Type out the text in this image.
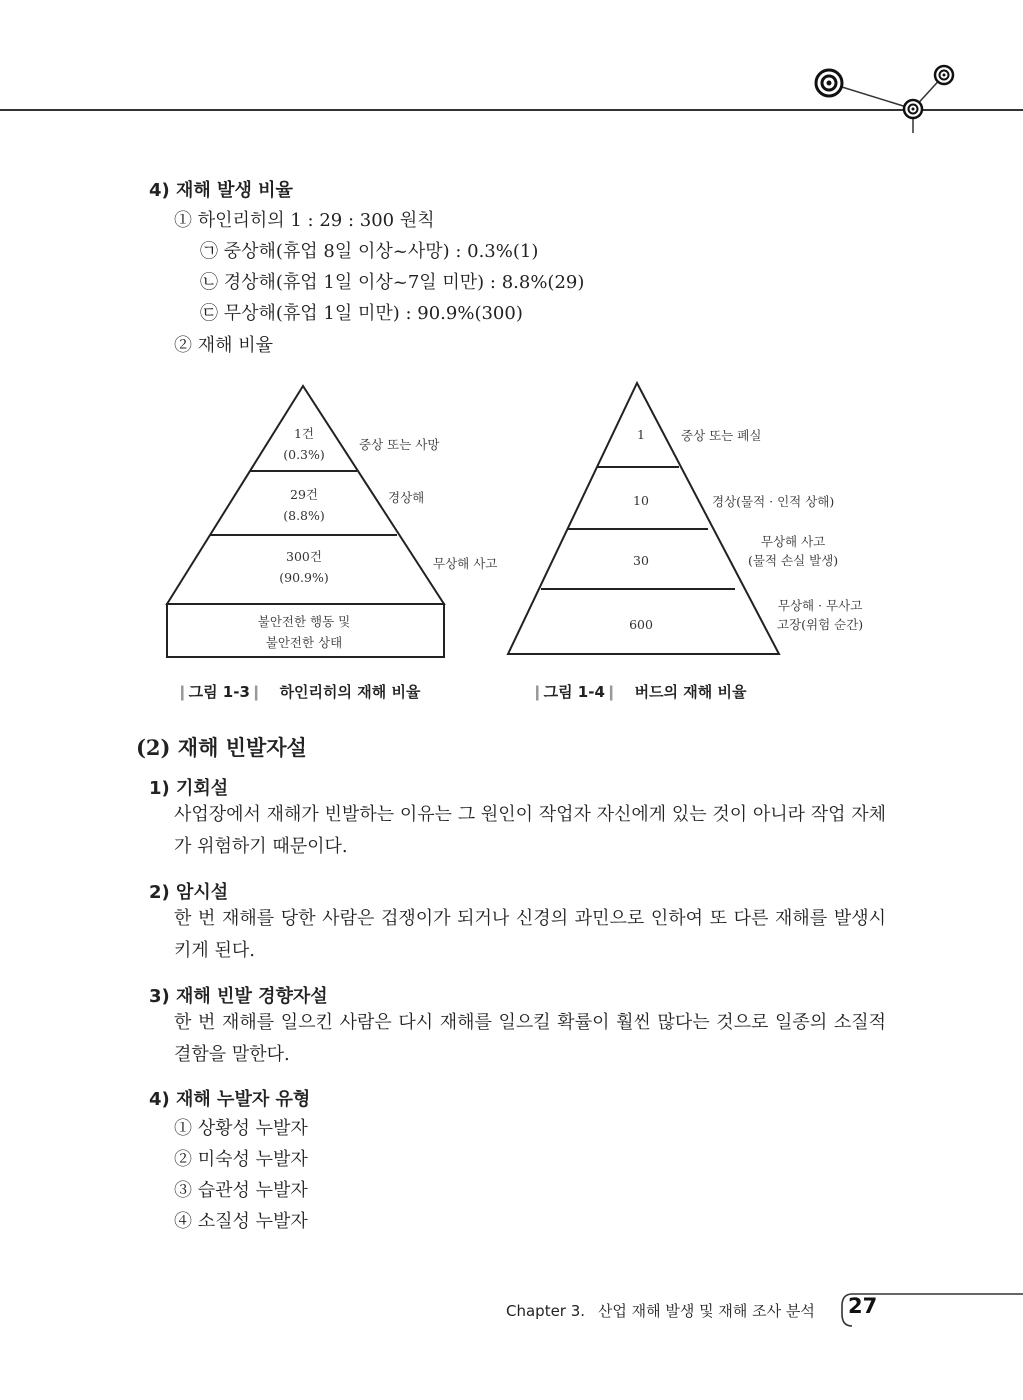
4) 재해 발생 비율
① 하인리히의 1 : 29 : 300 원칙
㉠ 중상해(휴업 8일 이상~사망) : 0.3%(1)
㉡ 경상해(휴업 1일 이상~7일 미만) : 8.8%(29)
㉢ 무상해(휴업 1일 미만) : 90.9%(300)
② 재해 비율
1건
(0.3%)
29건
(8.8%)
300건
(90.9%)
불안전한 행동 및
불안전한 상태
중상 또는 사망
경상해
무상해 사고
❙그림 1-3❙ 하인리히의 재해 비율
1
10
30
600
중상 또는 폐실
경상(물적 · 인적 상해)
무상해 사고
(물적 손실 발생)
무상해 · 무사고
고장(위험 순간)
❙그림 1-4❙ 버드의 재해 비율
(2) 재해 빈발자설
1) 기회설
사업장에서 재해가 빈발하는 이유는 그 원인이 작업자 자신에게 있는 것이 아니라 작업 자체가 위험하기 때문이다.
2) 암시설
한 번 재해를 당한 사람은 겁쟁이가 되거나 신경의 과민으로 인하여 또 다른 재해를 발생시키게 된다.
3) 재해 빈발 경향자설
한 번 재해를 일으킨 사람은 다시 재해를 일으킬 확률이 훨씬 많다는 것으로 일종의 소질적 결함을 말한다.
4) 재해 누발자 유형
① 상황성 누발자
② 미숙성 누발자
③ 습관성 누발자
④ 소질성 누발자
Chapter 3. 산업 재해 발생 및 재해 조사 분석 27
